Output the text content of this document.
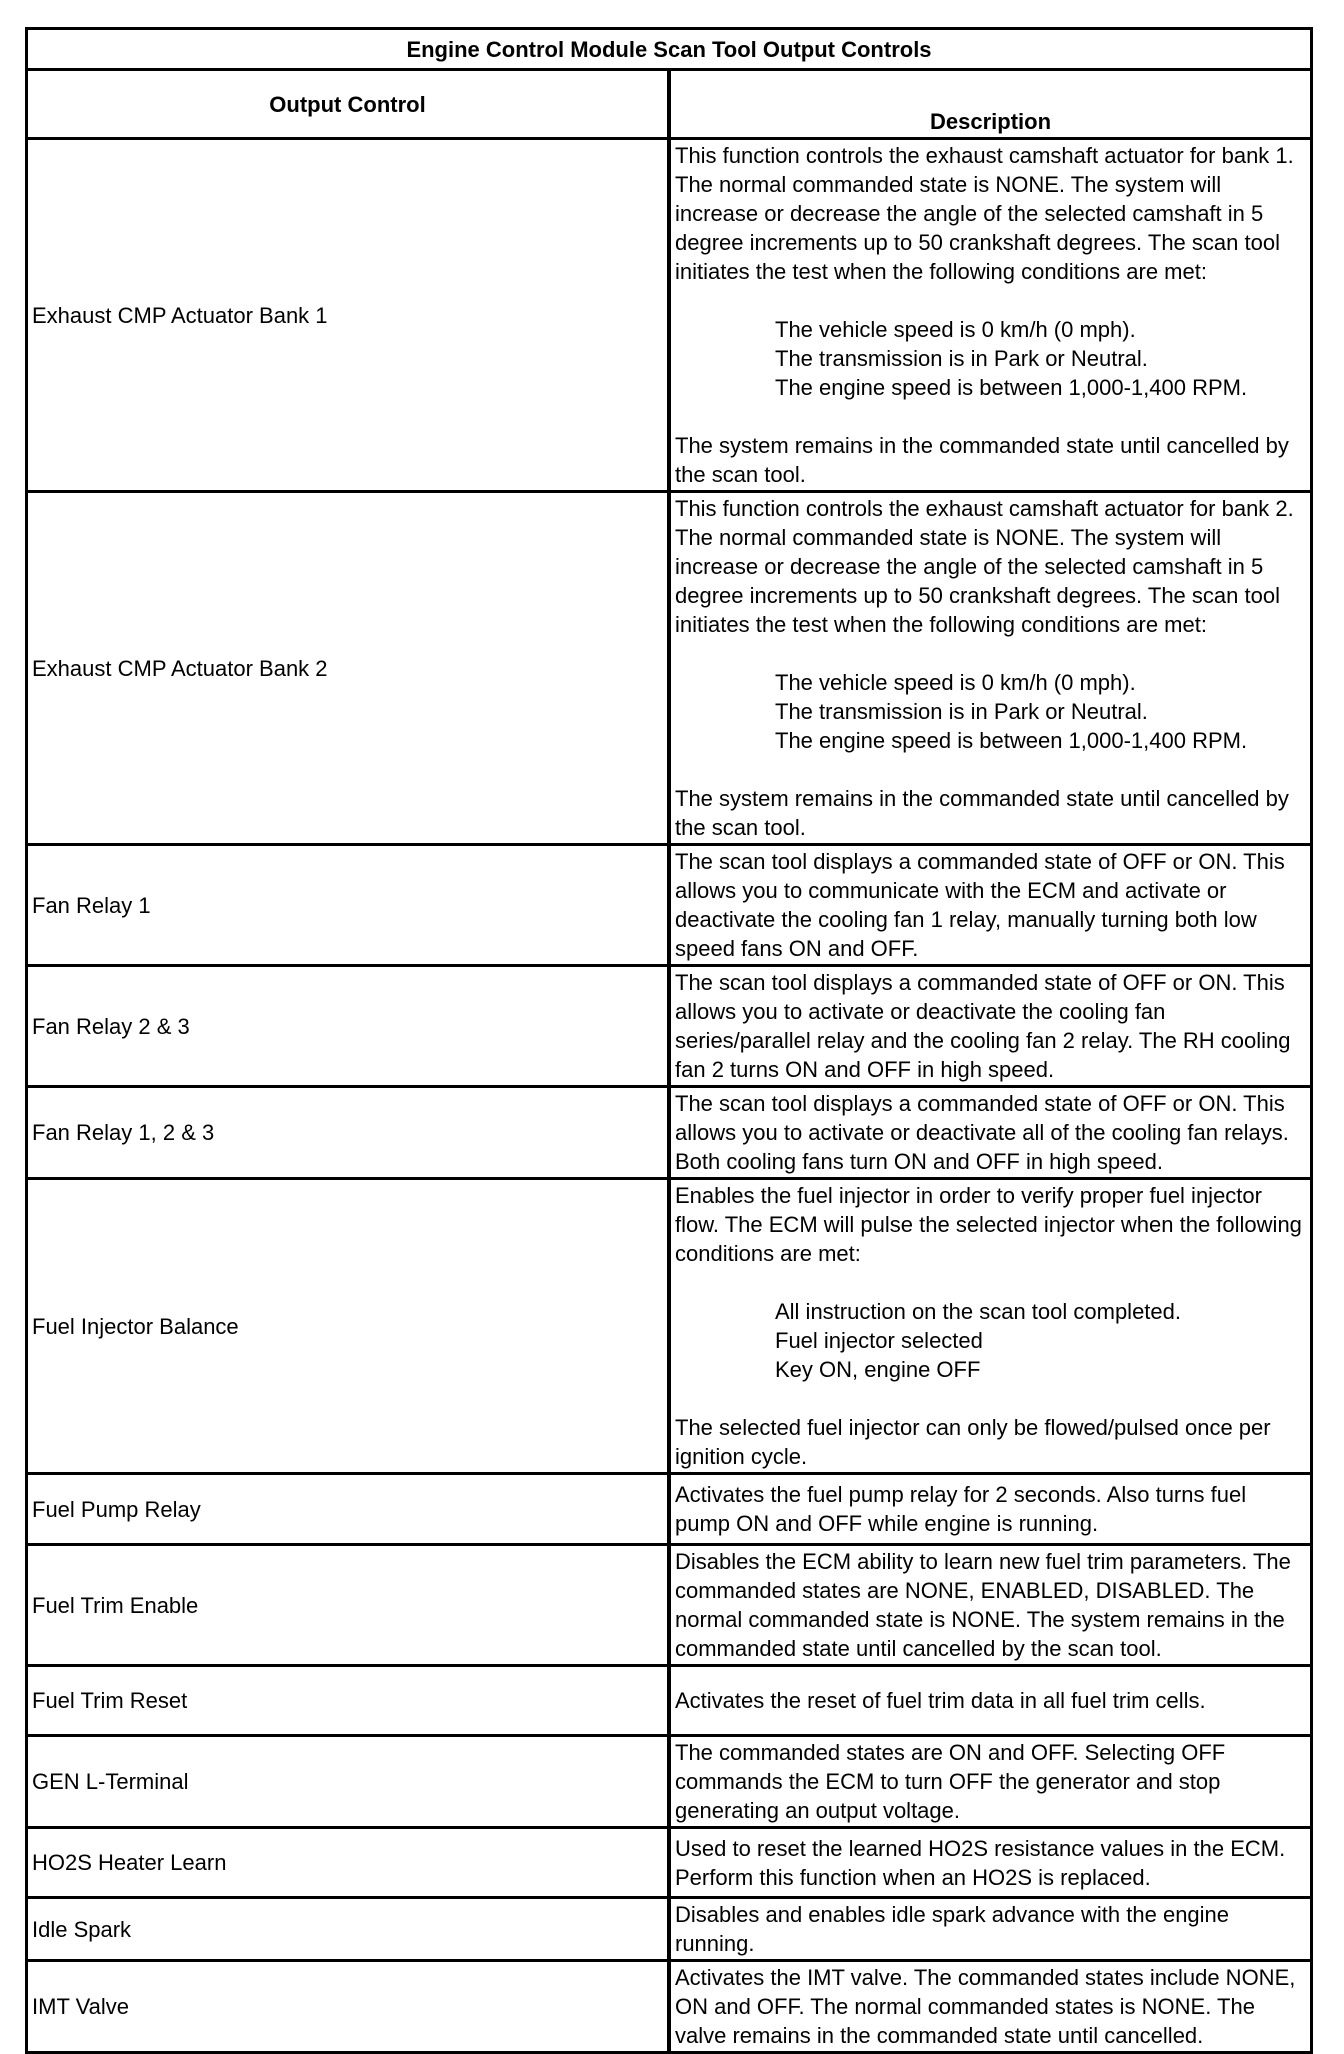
Engine Control Module Scan Tool Output Controls	
Output Control	Description
Exhaust CMP Actuator Bank 1	This function controls the exhaust camshaft actuator for bank 1. The normal commanded state is NONE. The system will increase or decrease the angle of the selected camshaft in 5 degree increments up to 50 crankshaft degrees. The scan tool initiates the test when the following conditions are met:
The vehicle speed is 0 km/h (0 mph).
The transmission is in Park or Neutral.
The engine speed is between 1,000-1,400 RPM.
The system remains in the commanded state until cancelled by the scan tool.

Exhaust CMP Actuator Bank 2	This function controls the exhaust camshaft actuator for bank 2. The normal commanded state is NONE. The system will increase or decrease the angle of the selected camshaft in 5 degree increments up to 50 crankshaft degrees. The scan tool initiates the test when the following conditions are met:
The vehicle speed is 0 km/h (0 mph).
The transmission is in Park or Neutral.
The engine speed is between 1,000-1,400 RPM.
The system remains in the commanded state until cancelled by the scan tool.

Fan Relay 1	The scan tool displays a commanded state of OFF or ON. This allows you to communicate with the ECM and activate or deactivate the cooling fan 1 relay, manually turning both low speed fans ON and OFF.

Fan Relay 2 & 3	The scan tool displays a commanded state of OFF or ON. This allows you to activate or deactivate the cooling fan series/parallel relay and the cooling fan 2 relay. The RH cooling fan 2 turns ON and OFF in high speed.

Fan Relay 1, 2 & 3	The scan tool displays a commanded state of OFF or ON. This allows you to activate or deactivate all of the cooling fan relays. Both cooling fans turn ON and OFF in high speed.

Fuel Injector Balance	Enables the fuel injector in order to verify proper fuel injector flow. The ECM will pulse the selected injector when the following conditions are met:
All instruction on the scan tool completed.
Fuel injector selected
Key ON, engine OFF
The selected fuel injector can only be flowed/pulsed once per ignition cycle.

Fuel Pump Relay	Activates the fuel pump relay for 2 seconds. Also turns fuel pump ON and OFF while engine is running.

Fuel Trim Enable	Disables the ECM ability to learn new fuel trim parameters. The commanded states are NONE, ENABLED, DISABLED. The normal commanded state is NONE. The system remains in the commanded state until cancelled by the scan tool.

Fuel Trim Reset	Activates the reset of fuel trim data in all fuel trim cells.

GEN L-Terminal	The commanded states are ON and OFF. Selecting OFF commands the ECM to turn OFF the generator and stop generating an output voltage.

HO2S Heater Learn	Used to reset the learned HO2S resistance values in the ECM. Perform this function when an HO2S is replaced.

Idle Spark	Disables and enables idle spark advance with the engine running.

IMT Valve	Activates the IMT valve. The commanded states include NONE, ON and OFF. The normal commanded states is NONE. The valve remains in the commanded state until cancelled.
